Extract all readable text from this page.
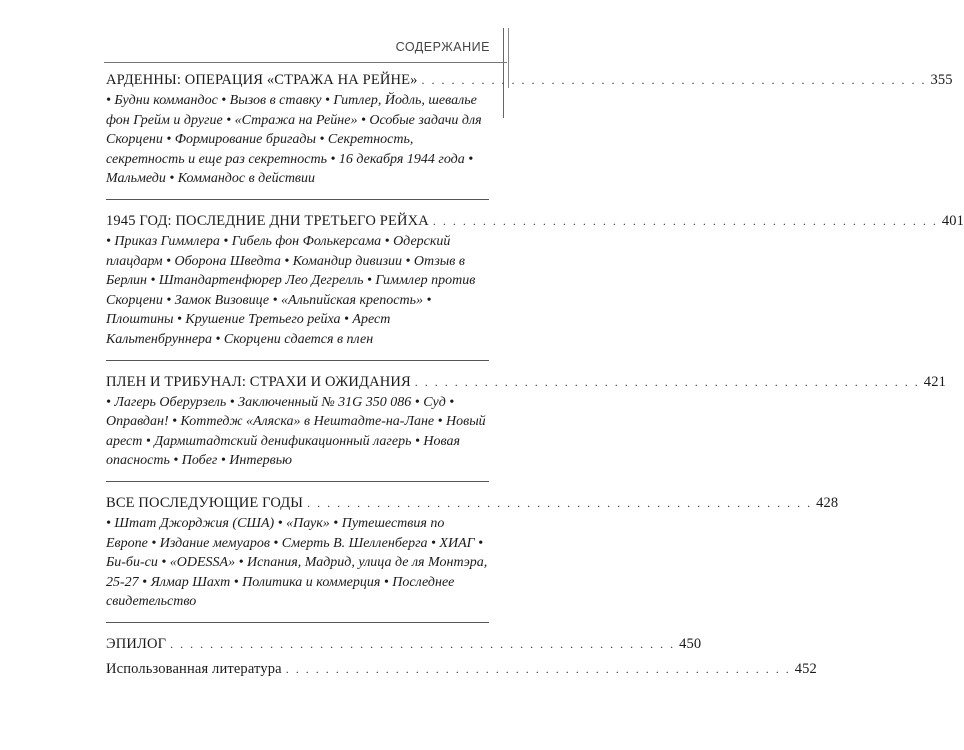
СОДЕРЖАНИЕ
АРДЕННЫ: ОПЕРАЦИЯ «СТРАЖА НА РЕЙНЕ» . . . . . . . . . . . . . . . . . . . . . . . . . . . . . . . . . . . . . . . . . . . . . . . . . . . 355
• Будни коммандос • Вызов в ставку • Гитлер, Йодль, шевалье фон Грейм и другие • «Стража на Рейне» • Особые задачи для Скорцени • Формирование бригады • Секретность, секретность и еще раз секретность • 16 декабря 1944 года • Мальмеди • Коммандос в действии
1945 ГОД: ПОСЛЕДНИЕ ДНИ ТРЕТЬЕГО РЕЙХА . . . . . . . . . . . . . . . . . . . . . . . . . . . . . . . . . . . . . . . . . . . . . . . . . . . 401
• Приказ Гиммлера • Гибель фон Фолькерсама • Одерский плацдарм • Оборона Шведта • Командир дивизии • Отзыв в Берлин • Штандартенфюрер Лео Дегрелль • Гиммлер против Скорцени • Замок Визовице • «Альпийская крепость» • Плоштины • Крушение Третьего рейха • Арест Кальтенбруннера • Скорцени сдается в плен
ПЛЕН И ТРИБУНАЛ: СТРАХИ И ОЖИДАНИЯ . . . . . . . . . . . . . . . . . . . . . . . . . . . . . . . . . . . . . . . . . . . . . . . . . . . 421
• Лагерь Оберурзель • Заключенный № 31G 350 086 • Суд • Оправдан! • Коттедж «Аляска» в Нештадте-на-Лане • Новый арест • Дармштадтский денификационный лагерь • Новая опасность • Побег • Интервью
ВСЕ ПОСЛЕДУЮЩИЕ ГОДЫ . . . . . . . . . . . . . . . . . . . . . . . . . . . . . . . . . . . . . . . . . . . . . . . . . . . 428
• Штат Джорджия (США) • «Паук» • Путешествия по Европе • Издание мемуаров • Смерть В. Шелленберга • ХИАГ • Би-би-си • «ODESSA» • Испания, Мадрид, улица де ля Монтэра, 25-27 • Ялмар Шахт • Политика и коммерция • Последнее свидетельство
ЭПИЛОГ . . . . . . . . . . . . . . . . . . . . . . . . . . . . . . . . . . . . . . . . . . . . . . . . . . . 450
Использованная литература . . . . . . . . . . . . . . . . . . . . . . . . . . . . . . . . . . . . . . . . . . . . . . . . . . . 452
